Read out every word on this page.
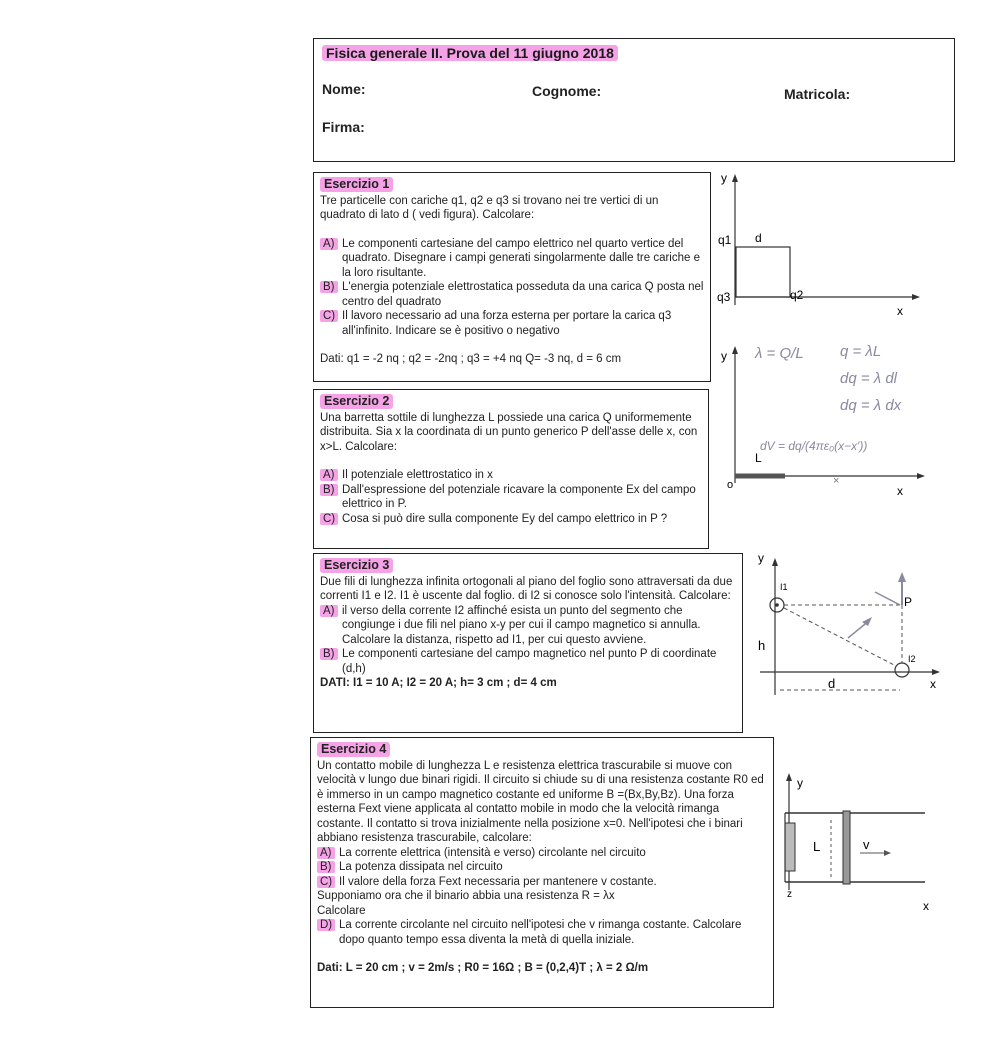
Fisica generale II. Prova del 11 giugno 2018
Nome:	Cognome:	Matricola:
Firma:
Esercizio 1

Tre particelle con cariche q1, q2 e q3 si trovano nei tre vertici di un quadrato di lato d ( vedi figura). Calcolare:

A) Le componenti cartesiane del campo elettrico nel quarto vertice del quadrato. Disegnare i campi generati singolarmente dalle tre cariche e la loro risultante.
B) L'energia potenziale elettrostatica posseduta da una carica Q posta nel centro del quadrato
C) Il lavoro necessario ad una forza esterna per portare la carica q3 all'infinito. Indicare se è positivo o negativo

Dati: q1 = -2 nq ; q2 = -2nq ; q3 = +4 nq Q= -3 nq, d = 6 cm

y
x
q1 d
q3	q2
Esercizio 2

Una barretta sottile di lunghezza L possiede una carica Q uniformemente distribuita. Sia x la coordinata di un punto generico P dell'asse delle x, con x>L. Calcolare:

A) Il potenziale elettrostatico in x
B) Dall'espressione del potenziale ricavare la componente Ex del campo elettrico in P.
C) Cosa si può dire sulla componente Ey del campo elettrico in P ?
y
x
L
o	×
λ = Q/L q = λL
dq = λ dl
dq = λ dx
dV = dq/(4πε₀(x−x′))
Esercizio 3

Due fili di lunghezza infinita ortogonali al piano del foglio sono attraversati da due correnti I1 e I2. I1 è uscente dal foglio. di I2 si conosce solo l'intensità. Calcolare:

A) il verso della corrente I2 affinché esista un punto del segmento che congiunge i due fili nel piano x-y per cui il campo magnetico si annulla. Calcolare la distanza, rispetto ad I1, per cui questo avviene.
B) Le componenti cartesiane del campo magnetico nel punto P di coordinate (d,h)

DATI: I1 = 10 A; I2 = 20 A; h= 3 cm ; d= 4 cm

y
x
h
d
P
I1
I2
Esercizio 4

Un contatto mobile di lunghezza L e resistenza elettrica trascurabile si muove con velocità v lungo due binari rigidi. Il circuito si chiude su di una resistenza costante R0 ed è immerso in un campo magnetico costante ed uniforme B =(Bx,By,Bz). Una forza esterna Fext viene applicata al contatto mobile in modo che la velocità rimanga costante. Il contatto si trova inizialmente nella posizione x=0. Nell'ipotesi che i binari abbiano resistenza trascurabile, calcolare:

A) La corrente elettrica (intensità e verso) circolante nel circuito
B) La potenza dissipata nel circuito
C) Il valore della forza Fext necessaria per mantenere v costante.

Supponiamo ora che il binario abbia una resistenza R = λx

Calcolare

D) La corrente circolante nel circuito nell'ipotesi che v rimanga costante. Calcolare dopo quanto tempo essa diventa la metà di quella iniziale.

Dati: L = 20 cm ; v = 2m/s ; R0 = 16Ω ; B = (0,2,4)T ; λ = 2 Ω/m

y
x
z
L	v
